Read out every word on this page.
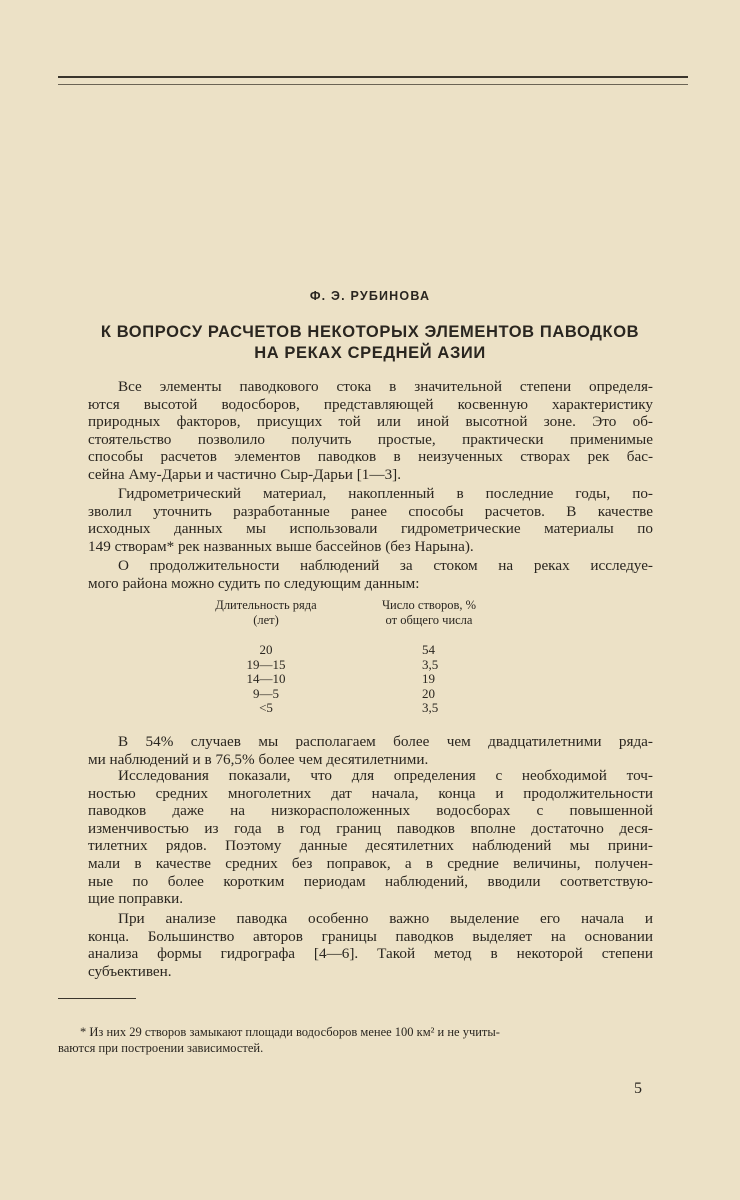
Ф. Э. РУБИНОВА
К ВОПРОСУ РАСЧЕТОВ НЕКОТОРЫХ ЭЛЕМЕНТОВ ПАВОДКОВ
НА РЕКАХ СРЕДНЕЙ АЗИИ
Все элементы паводкового стока в значительной степени определя-
ются высотой водосборов, представляющей косвенную характеристику
природных факторов, присущих той или иной высотной зоне. Это об-
стоятельство позволило получить простые, практически применимые
способы расчетов элементов паводков в неизученных створах рек бас-
сейна Аму-Дарьи и частично Сыр-Дарьи [1—3].
Гидрометрический материал, накопленный в последние годы, по-
зволил уточнить разработанные ранее способы расчетов. В качестве
исходных данных мы использовали гидрометрические материалы по
149 створам* рек названных выше бассейнов (без Нарына).
О продолжительности наблюдений за стоком на реках исследуе-
мого района можно судить по следующим данным:
Длительность ряда
(лет)
Число створов, %
от общего числа
20	54
19—15	3,5
14—10	19
9—5	20
<5	3,5
В 54% случаев мы располагаем более чем двадцатилетними ряда-
ми наблюдений и в 76,5% более чем десятилетними.
Исследования показали, что для определения с необходимой точ-
ностью средних многолетних дат начала, конца и продолжительности
паводков даже на низкорасположенных водосборах с повышенной
изменчивостью из года в год границ паводков вполне достаточно деся-
тилетних рядов. Поэтому данные десятилетних наблюдений мы прини-
мали в качестве средних без поправок, а в средние величины, получен-
ные по более коротким периодам наблюдений, вводили соответствую-
щие поправки.
При анализе паводка особенно важно выделение его начала и
конца. Большинство авторов границы паводков выделяет на основании
анализа формы гидрографа [4—6]. Такой метод в некоторой степени
субъективен.
* Из них 29 створов замыкают площади водосборов менее 100 км² и не учиты-
ваются при построении зависимостей.
5
